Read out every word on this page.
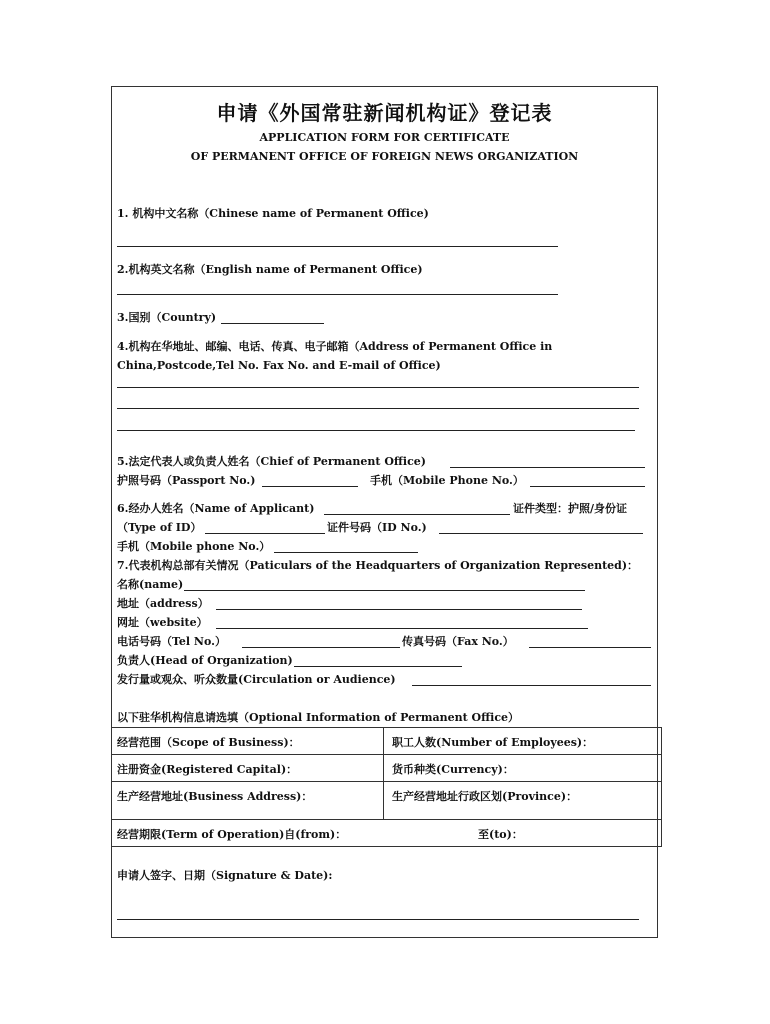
申请《外国常驻新闻机构证》登记表
APPLICATION FORM FOR CERTIFICATE
OF PERMANENT OFFICE OF FOREIGN NEWS ORGANIZATION
1. 机构中文名称（Chinese name of Permanent Office)
2.机构英文名称（English name of Permanent Office)
3.国别（Country)
4.机构在华地址、邮编、电话、传真、电子邮箱（Address of Permanent Office in
China,Postcode,Tel No. Fax No. and E-mail of Office)
5.法定代表人或负责人姓名（Chief of Permanent Office)
护照号码（Passport No.)	手机（Mobile Phone No.）
6.经办人姓名（Name of Applicant)	证件类型：护照/身份证
（Type of ID）	证件号码（ID No.)
手机（Mobile phone No.）
7.代表机构总部有关情况（Paticulars of the Headquarters of Organization Represented)：
名称(name)
地址（address）
网址（website）
电话号码（Tel No.）	传真号码（Fax No.）
负责人(Head of Organization)
发行量或观众、听众数量(Circulation or Audience)
以下驻华机构信息请选填（Optional Information of Permanent Office）
经营范围（Scope of Business)：	职工人数(Number of Employees)：
注册资金(Registered Capital)：	货币种类(Currency)：
生产经营地址(Business Address)：	生产经营地址行政区划(Province)：
经营期限(Term of Operation)自(from)：	至(to)：
申请人签字、日期（Signature & Date):
